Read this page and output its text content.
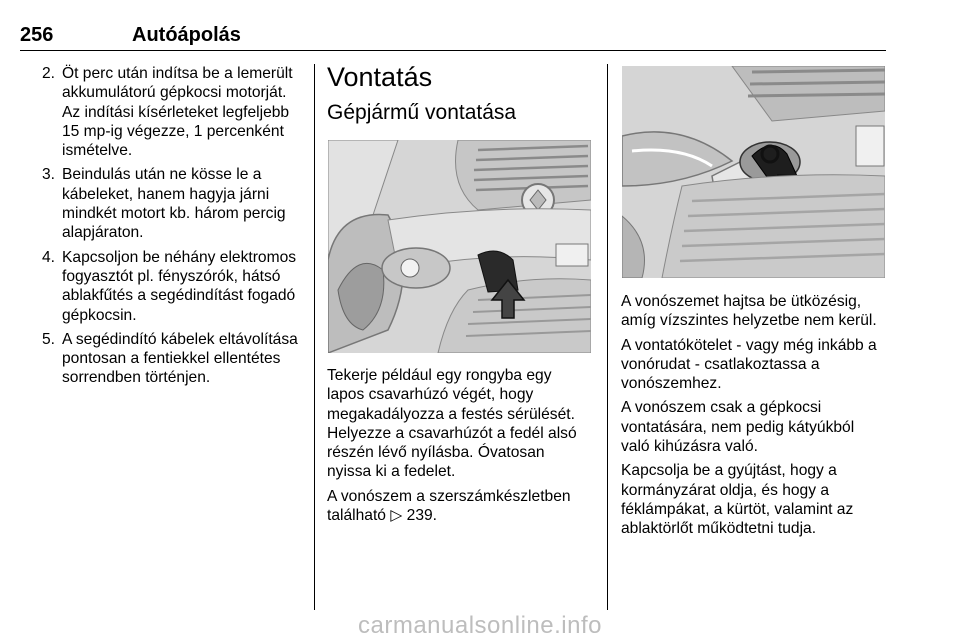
256	Autóápolás
2. Öt perc után indítsa be a lemerült akkumulátorú gépkocsi motorját. Az indítási kísérleteket legfeljebb 15 mp-ig végezze, 1 percenként ismételve.
3. Beindulás után ne kösse le a kábeleket, hanem hagyja járni mindkét motort kb. három percig alapjáraton.
4. Kapcsoljon be néhány elektromos fogyasztót pl. fényszórók, hátsó ablakfűtés a segédindítást fogadó gépkocsin.
5. A segédindító kábelek eltávolítása pontosan a fentiekkel ellentétes sorrendben történjen.
Vontatás
Gépjármű vontatása

Tekerje például egy rongyba egy lapos csavarhúzó végét, hogy megakadályozza a festés sérülését. Helyezze a csavarhúzót a fedél alsó részén lévő nyílásba. Óvatosan nyissa ki a fedelet.

A vonószem a szerszámkészletben található ▷ 239.

A vonószemet hajtsa be ütközésig, amíg vízszintes helyzetbe nem kerül.

A vontatókötelet - vagy még inkább a vonórudat - csatlakoztassa a vonószemhez.

A vonószem csak a gépkocsi vontatására, nem pedig kátyúkból való kihúzásra való.

Kapcsolja be a gyújtást, hogy a kormányzárat oldja, és hogy a féklámpákat, a kürtöt, valamint az ablaktörlőt működtetni tudja.

carmanualsonline.info
